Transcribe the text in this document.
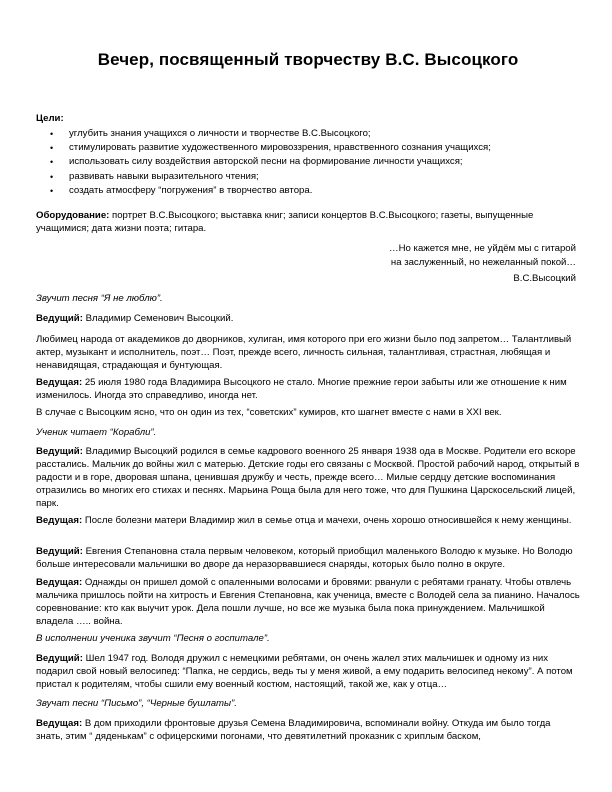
Вечер, посвященный творчеству В.С. Высоцкого
Цели:
• углубить знания учащихся о личности и творчестве В.С.Высоцкого;
• стимулировать развитие художественного мировоззрения, нравственного сознания учащихся;
• использовать силу воздействия авторской песни на формирование личности учащихся;
• развивать навыки выразительного чтения;
• создать атмосферу “погружения” в творчество автора.

Оборудование: портрет В.С.Высоцкого; выставка книг; записи концертов В.С.Высоцкого; газеты, выпущенные учащимися; дата жизни поэта; гитара.

…Но кажется мне, не уйдём мы с гитарой
на заслуженный, но нежеланный покой…
В.С.Высоцкий

Звучит песня “Я не люблю”.

Ведущий: Владимир Семенович Высоцкий.

Любимец народа от академиков до дворников, хулиган, имя которого при его жизни было под запретом… Талантливый актер, музыкант и исполнитель, поэт… Поэт, прежде всего, личность сильная, талантливая, страстная, любящая и ненавидящая, страдающая и бунтующая.

Ведущая: 25 июля 1980 года Владимира Высоцкого не стало. Многие прежние герои забыты или же отношение к ним изменилось. Иногда это справедливо, иногда нет.

В случае с Высоцким ясно, что он один из тех, “советских” кумиров, кто шагнет вместе с нами в XXI век.

Ученик читает “Корабли”.

Ведущий: Владимир Высоцкий родился в семье кадрового военного 25 января 1938 ода в Москве. Родители его вскоре расстались. Мальчик до войны жил с матерью. Детские годы его связаны с Москвой. Простой рабочий народ, открытый в радости и в горе, дворовая шпана, ценившая дружбу и честь, прежде всего… Милые сердцу детские воспоминания отразились во многих его стихах и песнях. Марьина Роща была для него тоже, что для Пушкина Царскосельский лицей, парк.

Ведущая: После болезни матери Владимир жил в семье отца и мачехи, очень хорошо относившейся к нему женщины.

Ведущий: Евгения Степановна стала первым человеком, который приобщил маленького Володю к музыке. Но Володю больше интересовали мальчишки во дворе да неразорвавшиеся снаряды, которых было полно в округе.

Ведущая: Однажды он пришел домой с опаленными волосами и бровями: рванули с ребятами гранату. Чтобы отвлечь мальчика пришлось пойти на хитрость и Евгения Степановна, как ученица, вместе с Володей села за пианино. Началось соревнование: кто как выучит урок. Дела пошли лучше, но все же музыка была пока принуждением. Мальчишкой владела ….. война.

В исполнении ученика звучит “Песня о госпитале”.

Ведущий: Шел 1947 год. Володя дружил с немецкими ребятами, он очень жалел этих мальчишек и одному из них подарил свой новый велосипед: “Папка, не сердись, ведь ты у меня живой, а ему подарить велосипед некому”. А потом пристал к родителям, чтобы сшили ему военный костюм, настоящий, такой же, как у отца…

Звучат песни “Письмо”, “Черные бушлаты”.

Ведущая: В дом приходили фронтовые друзья Семена Владимировича, вспоминали войну. Откуда им было тогда знать, этим “ дяденькам” с офицерскими погонами, что девятилетний проказник с хриплым баском,
